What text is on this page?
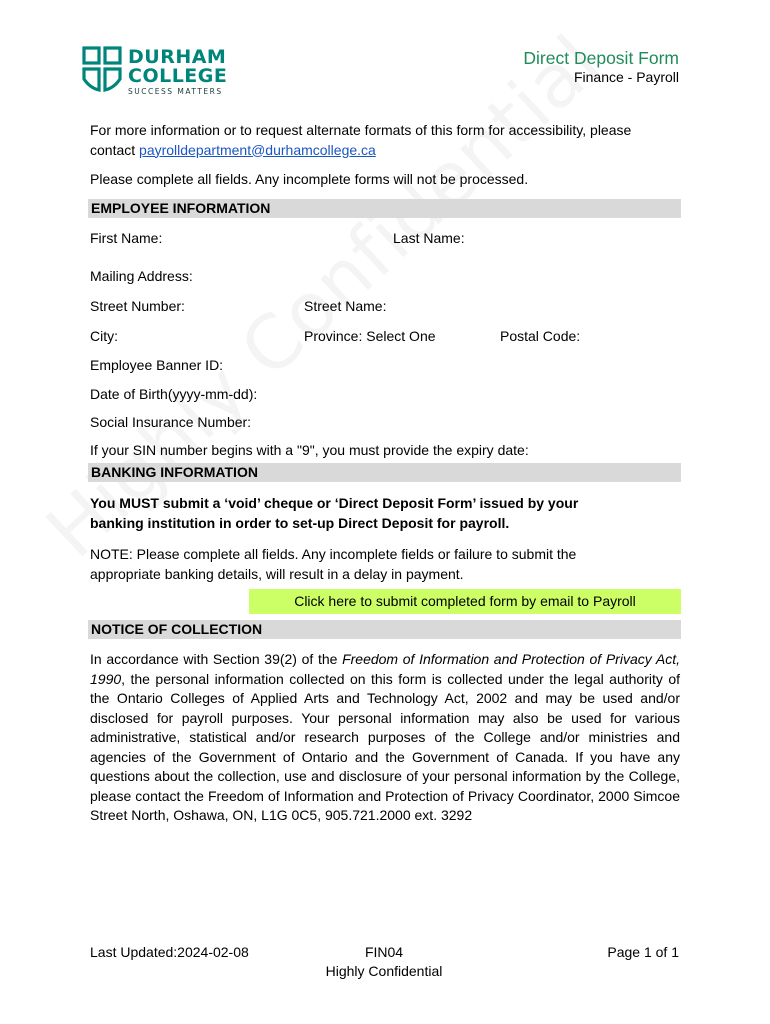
DURHAM
COLLEGE
SUCCESS MATTERS
Direct Deposit Form
Finance - Payroll
For more information or to request alternate formats of this form for accessibility, please contact payrolldepartment@durhamcollege.ca
Please complete all fields. Any incomplete forms will not be processed.
EMPLOYEE INFORMATION
First Name:	Last Name:
Mailing Address:
Street Number:	Street Name:
City:	Province: Select One	Postal Code:
Employee Banner ID:
Date of Birth(yyyy-mm-dd):
Social Insurance Number:
If your SIN number begins with a "9", you must provide the expiry date:
BANKING INFORMATION
You MUST submit a ‘void’ cheque or ‘Direct Deposit Form’ issued by your
banking institution in order to set-up Direct Deposit for payroll.
NOTE: Please complete all fields. Any incomplete fields or failure to submit the
appropriate banking details, will result in a delay in payment.
Click here to submit completed form by email to Payroll
NOTICE OF COLLECTION
In accordance with Section 39(2) of the Freedom of Information and Protection of Privacy Act, 1990, the personal information collected on this form is collected under the legal authority of the Ontario Colleges of Applied Arts and Technology Act, 2002 and may be used and/or disclosed for payroll purposes. Your personal information may also be used for various administrative, statistical and/or research purposes of the College and/or ministries and agencies of the Government of Ontario and the Government of Canada. If you have any questions about the collection, use and disclosure of your personal information by the College, please contact the Freedom of Information and Protection of Privacy Coordinator, 2000 Simcoe Street North, Oshawa, ON, L1G 0C5, 905.721.2000 ext. 3292
Last Updated:2024-02-08	FIN04
Highly Confidential
Page 1 of 1
